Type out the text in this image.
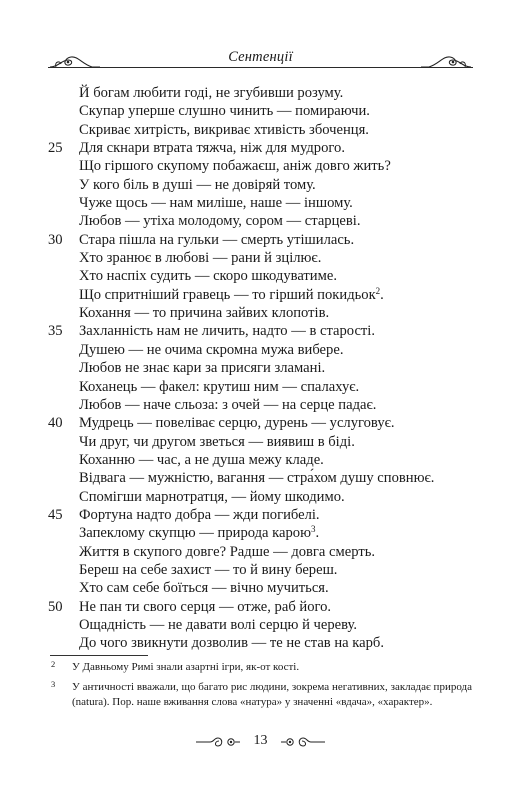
Сентенції
Й богам любити годі, не згубивши розуму.
Скупар уперше слушно чинить — помираючи.
Скриває хитрість, викриває хтивість збоченця.
25	Для скнари втрата тяжча, ніж для мудрого.
Що гіршого скупому побажаєш, аніж довго жить?
У кого біль в душі — не довіряй тому.
Чуже щось — нам миліше, наше — іншому.
Любов — утіха молодому, сором — старцеві.
30	Стара пішла на гульки — смерть утішилась.
Хто зранює в любові — рани й зцілює.
Хто наспіх судить — скоро шкодуватиме.
Що спритніший гравець — то гірший покидьок$^2$.
Кохання — то причина зайвих клопотів.
35	Захланність нам не личить, надто — в старості.
Душею — не очима скромна мужа вибере.
Любов не знає кари за присяги зламані.
Коханець — факел: крутиш ним — спалахує.
Любов — наче сльоза: з очей — на серце падає.
40	Мудрець — повеліває серцю, дурень — услуговує.
Чи друг, чи другом зветься — виявиш в біді.
Коханню — час, а не душа межу кладе.
Відвага — мужністю, вагання — стра́хом душу сповнює.
Спомігши марнотратця, — йому шкодимо.
45	Фортуна надто добра — жди погибелі.
Запеклому скупцю — природа карою$^3$.
Життя в скупого довге? Радше — довга смерть.
Береш на себе захист — то й вину береш.
Хто сам себе боїться — вічно мучиться.
50	Не пан ти свого серця — отже, раб його.
Ощадність — не давати волі серцю й череву.
До чого звикнути дозволив — те не став на карб.
2 У Давньому Римі знали азартні ігри, як-от кості.
3 У античності вважали, що багато рис людини, зокрема негативних, закладає природа (natura). Пор. наше вживання слова «натура» у значенні «вдача», «характер».
13
